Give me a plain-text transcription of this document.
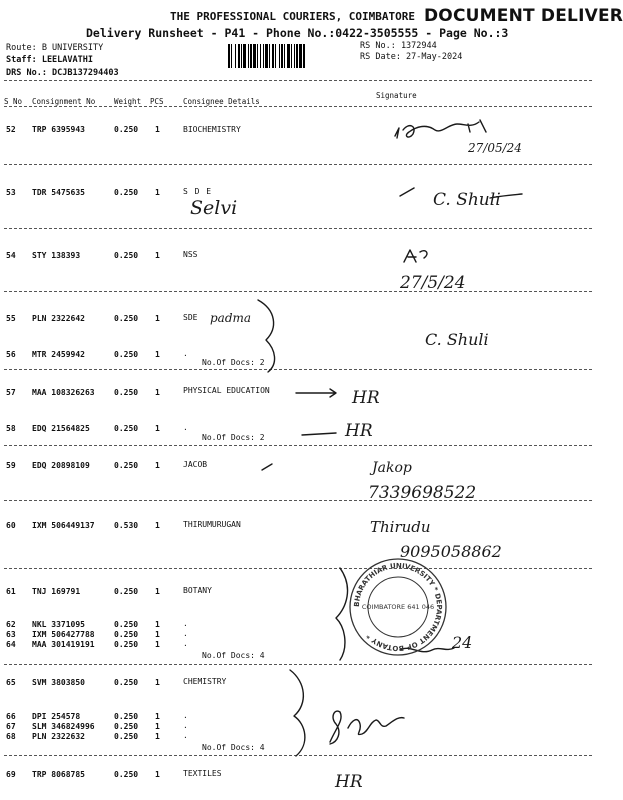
THE PROFESSIONAL COURIERS, COIMBATORE DOCUMENT DELIVER
Delivery Runsheet - P41 - Phone No.:0422-3505555 - Page No.:3
Route: B UNIVERSITY
Staff: LEELAVATHI
DRS No.: DCJB137294403
RS No.: 1372944
RS Date: 27-May-2024
S No Consignment No	Weight PCS	Consignee Details
Signature
52 TRP 6395943	0.250 1	BIOCHEMISTRY
53 TDR 5475635	0.250 1	S D E
54 STY 138393	0.250 1	NSS
55 PLN 2322642	0.250 1	SDE
56 MTR 2459942	0.250 1	.
No.Of Docs: 2
57 MAA 108326263 0.250 1	PHYSICAL EDUCATION
58 EDQ 21564825	0.250 1	.
No.Of Docs: 2
59 EDQ 20898109	0.250 1	JACOB
60 IXM 506449137 0.530 1	THIRUMURUGAN
61 TNJ 169791	0.250 1	BOTANY
62 NKL 3371095	0.250 1	.
63 IXM 506427788 0.250 1	.
64 MAA 301419191 0.250 1	.
No.Of Docs: 4
65 SVM 3803850	0.250 1	CHEMISTRY
66 DPI 254578	0.250 1	.
67 SLM 346824996 0.250 1	.
68 PLN 2322632	0.250 1	.
No.Of Docs: 4
69 TRP 8068785	0.250 1	TEXTILES
27/05/24
Selvi	C. Shuli
27/5/24
padma
C. Shuli
HR
HR
Jakop
7339698522
Thirudu
9095058862
24
HR
BHARATHIAR UNIVERSITY * DEPARTMENT OF BOTANY *
COIMBATORE 641 046
